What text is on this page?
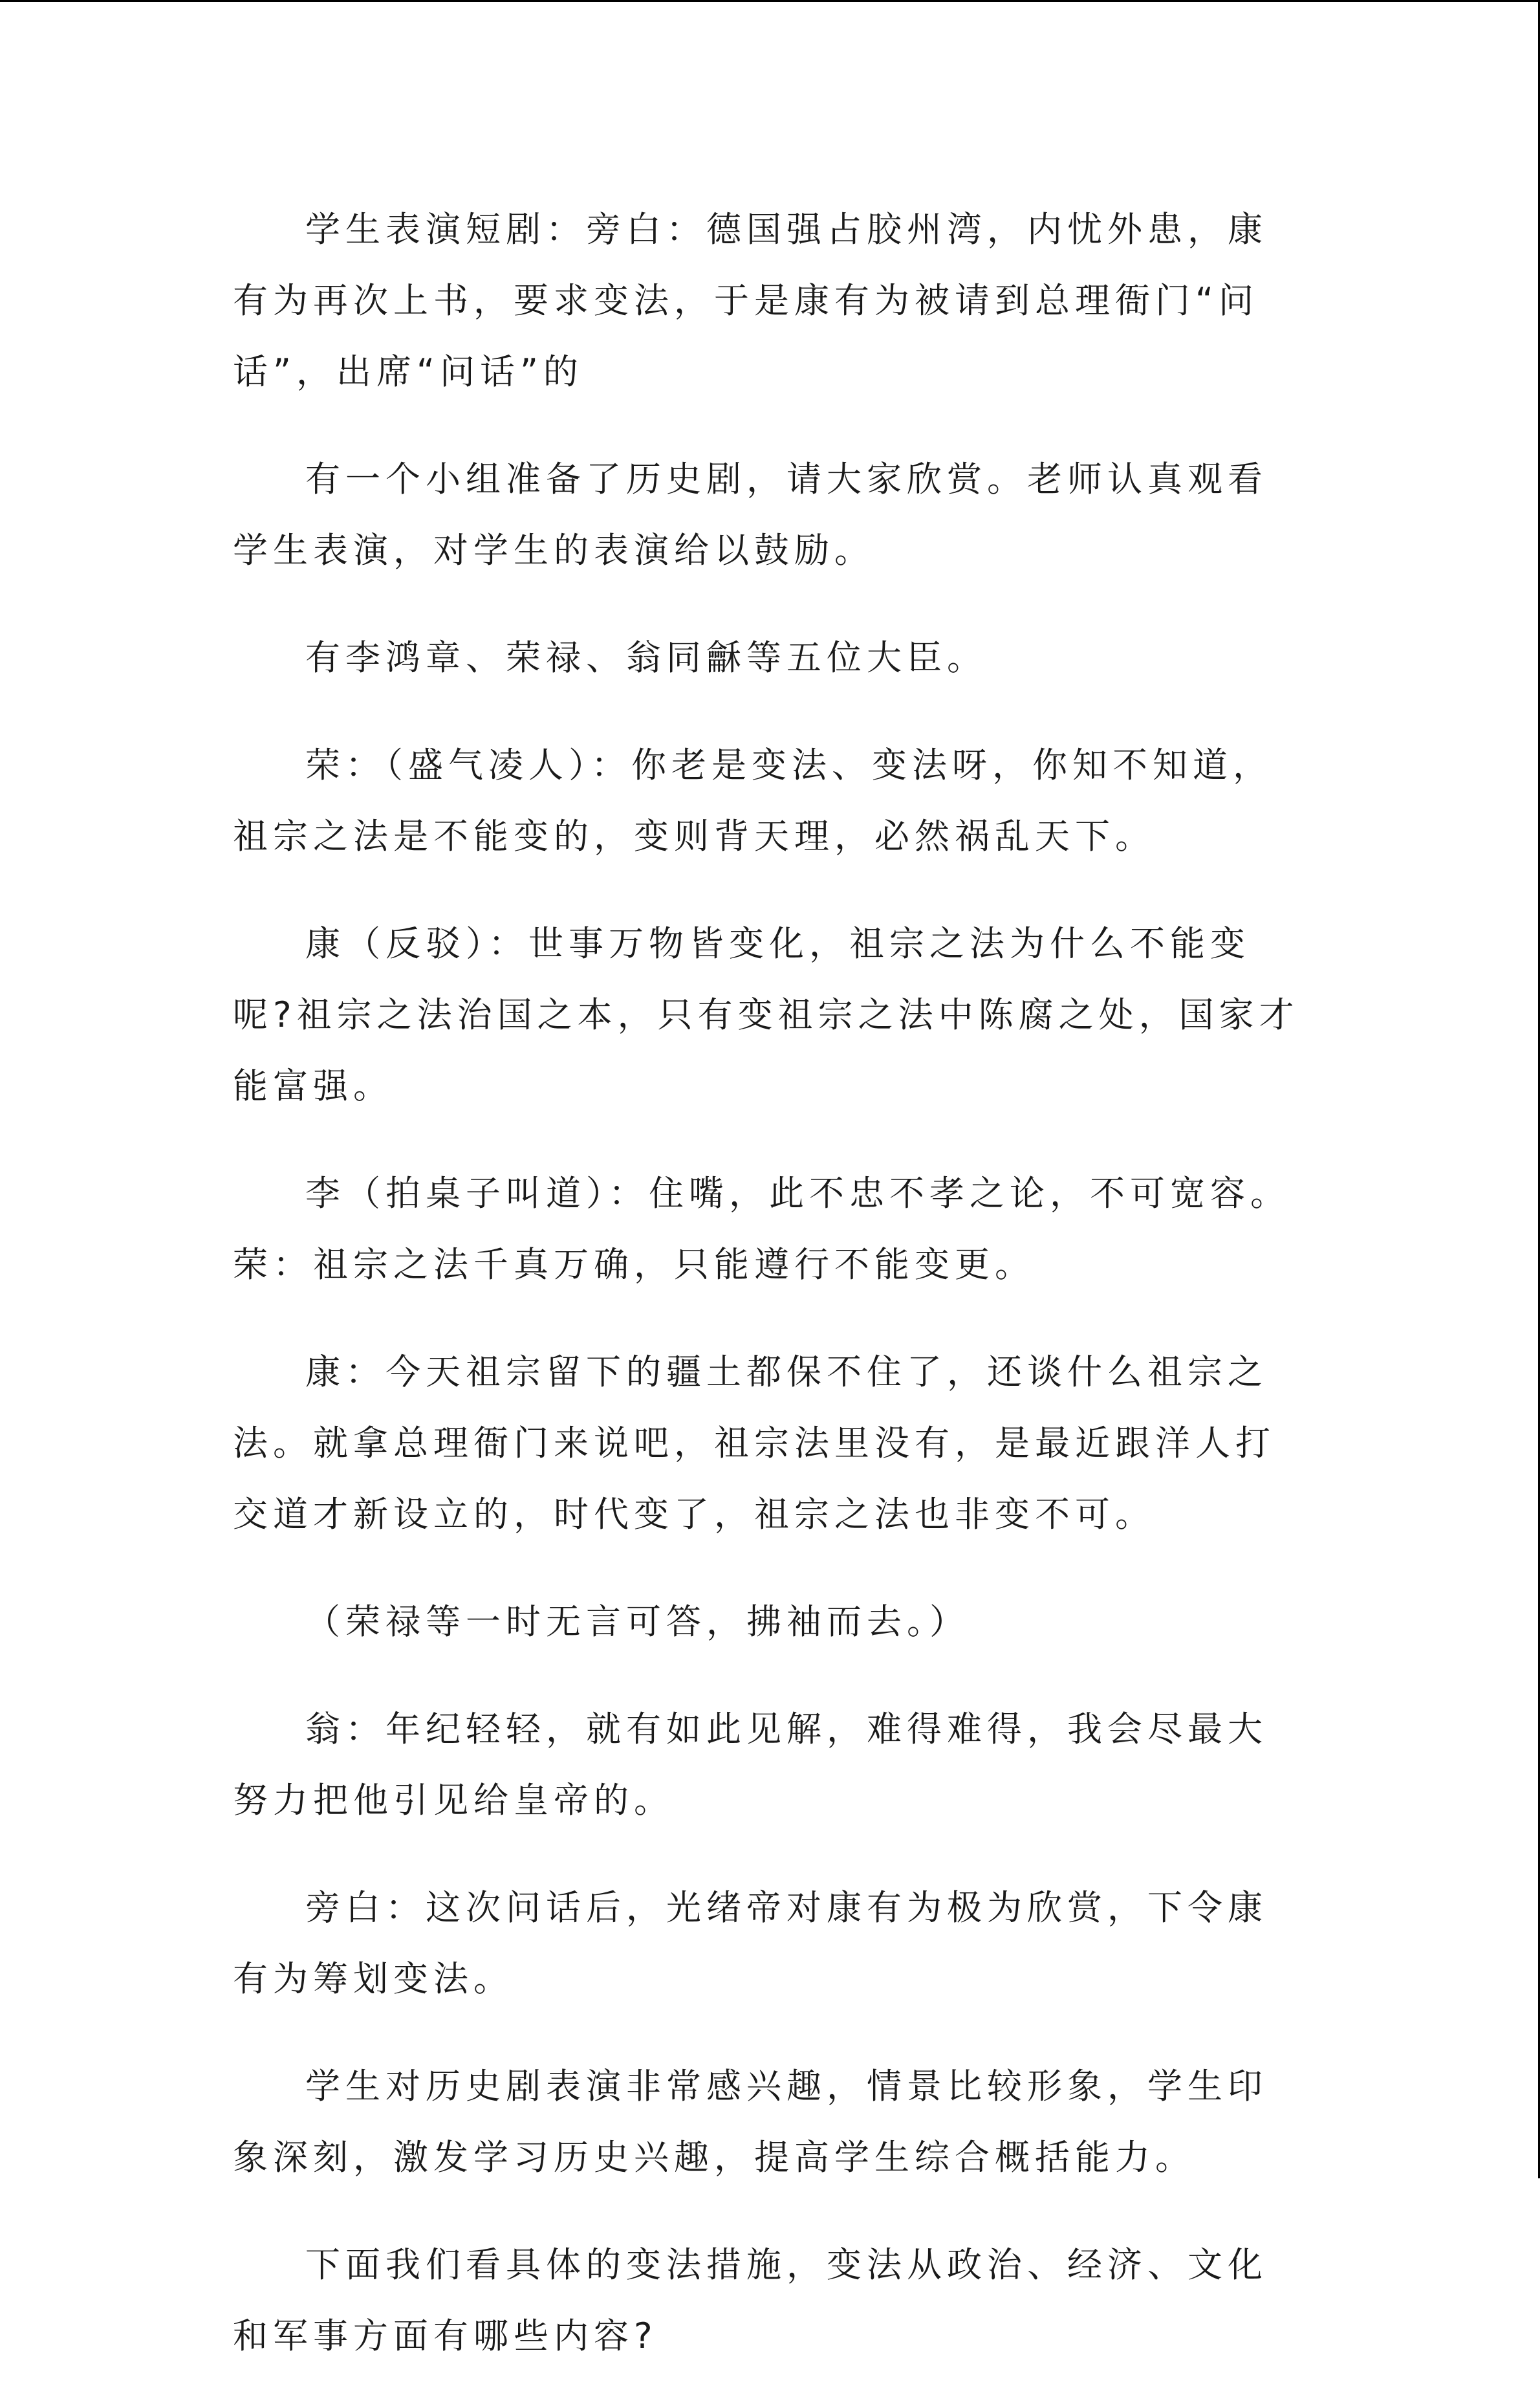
学生表演短剧：旁白：德国强占胶州湾，内忧外患，康有为再次上书，要求变法，于是康有为被请到总理衙门“问话”，出席“问话”的

有一个小组准备了历史剧，请大家欣赏。老师认真观看学生表演，对学生的表演给以鼓励。

有李鸿章、荣禄、翁同龢等五位大臣。

荣：（盛气凌人）：你老是变法、变法呀，你知不知道，祖宗之法是不能变的，变则背天理，必然祸乱天下。

康（反驳）：世事万物皆变化，祖宗之法为什么不能变呢?祖宗之法治国之本，只有变祖宗之法中陈腐之处，国家才能富强。

李（拍桌子叫道）：住嘴，此不忠不孝之论，不可宽容。荣：祖宗之法千真万确，只能遵行不能变更。

康：今天祖宗留下的疆土都保不住了，还谈什么祖宗之法。就拿总理衙门来说吧，祖宗法里没有，是最近跟洋人打交道才新设立的，时代变了，祖宗之法也非变不可。

（荣禄等一时无言可答，拂袖而去。）

翁：年纪轻轻，就有如此见解，难得难得，我会尽最大努力把他引见给皇帝的。

旁白：这次问话后，光绪帝对康有为极为欣赏，下令康有为筹划变法。

学生对历史剧表演非常感兴趣，情景比较形象，学生印象深刻，激发学习历史兴趣，提高学生综合概括能力。

下面我们看具体的变法措施，变法从政治、经济、文化和军事方面有哪些内容?
